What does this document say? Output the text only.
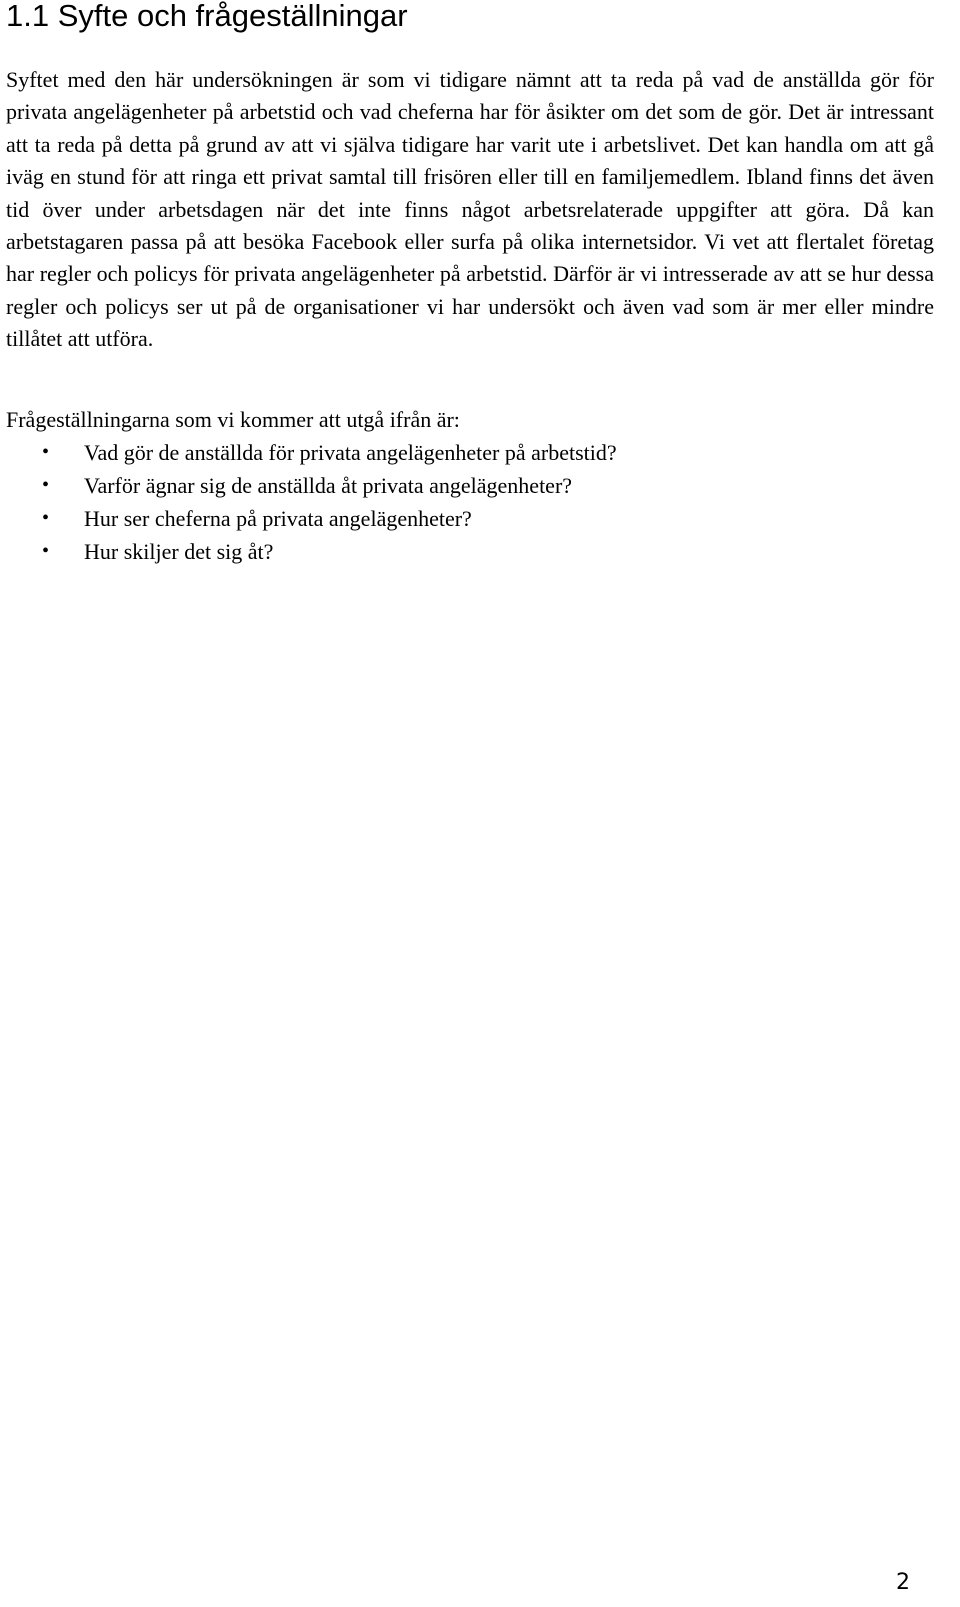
1.1 Syfte och frågeställningar

Syftet med den här undersökningen är som vi tidigare nämnt att ta reda på vad de anställda gör för privata angelägenheter på arbetstid och vad cheferna har för åsikter om det som de gör. Det är intressant att ta reda på detta på grund av att vi själva tidigare har varit ute i arbetslivet. Det kan handla om att gå iväg en stund för att ringa ett privat samtal till frisören eller till en familjemedlem. Ibland finns det även tid över under arbetsdagen när det inte finns något arbetsrelaterade uppgifter att göra. Då kan arbetstagaren passa på att besöka Facebook eller surfa på olika internetsidor. Vi vet att flertalet företag har regler och policys för privata angelägenheter på arbetstid. Därför är vi intresserade av att se hur dessa regler och policys ser ut på de organisationer vi har undersökt och även vad som är mer eller mindre tillåtet att utföra.

Frågeställningarna som vi kommer att utgå ifrån är:

• Vad gör de anställda för privata angelägenheter på arbetstid?
• Varför ägnar sig de anställda åt privata angelägenheter?
• Hur ser cheferna på privata angelägenheter?
• Hur skiljer det sig åt?
2
